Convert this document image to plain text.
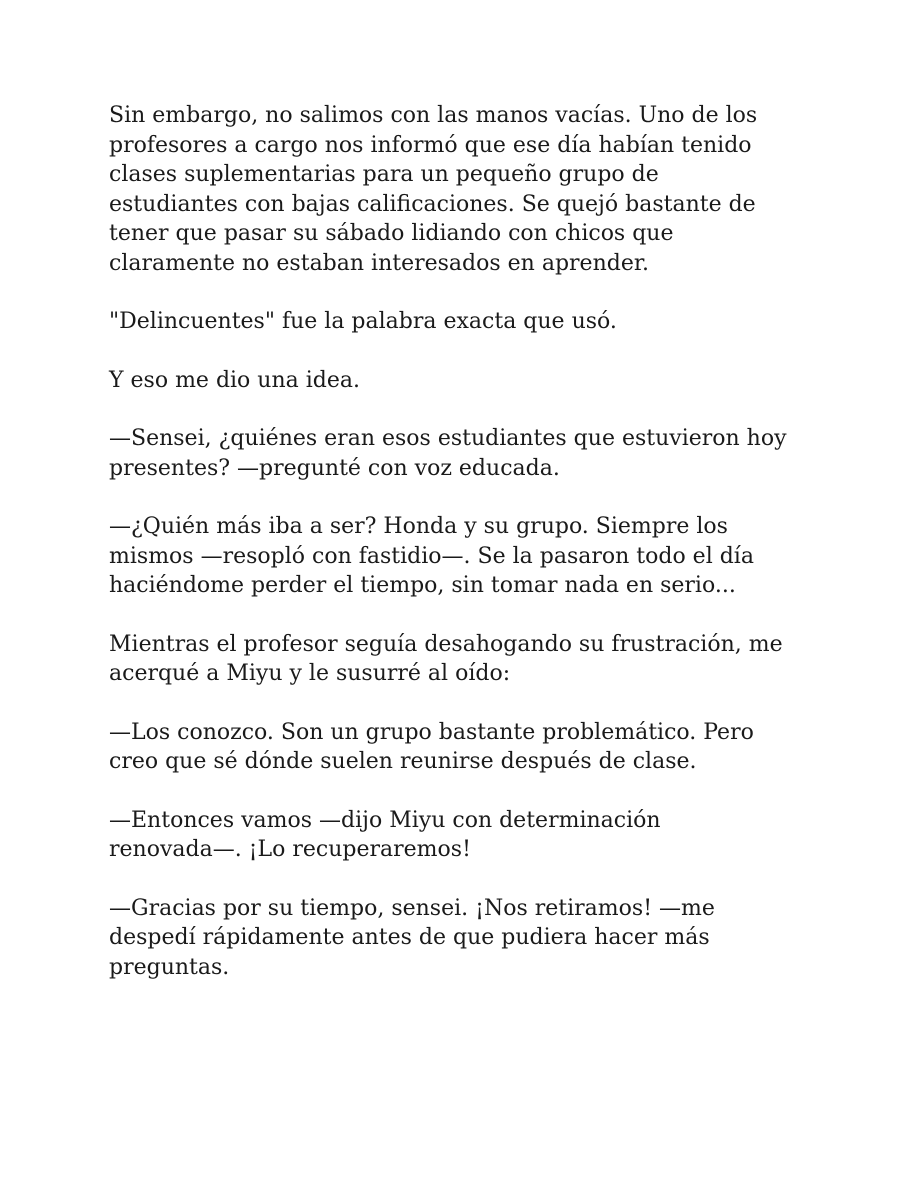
Sin embargo, no salimos con las manos vacías. Uno de los
profesores a cargo nos informó que ese día habían tenido
clases suplementarias para un pequeño grupo de
estudiantes con bajas calificaciones. Se quejó bastante de
tener que pasar su sábado lidiando con chicos que
claramente no estaban interesados en aprender.

"Delincuentes" fue la palabra exacta que usó.

Y eso me dio una idea.

—Sensei, ¿quiénes eran esos estudiantes que estuvieron hoy
presentes? —pregunté con voz educada.

—¿Quién más iba a ser? Honda y su grupo. Siempre los
mismos —resopló con fastidio—. Se la pasaron todo el día
haciéndome perder el tiempo, sin tomar nada en serio...

Mientras el profesor seguía desahogando su frustración, me
acerqué a Miyu y le susurré al oído:

—Los conozco. Son un grupo bastante problemático. Pero
creo que sé dónde suelen reunirse después de clase.

—Entonces vamos —dijo Miyu con determinación
renovada—. ¡Lo recuperaremos!

—Gracias por su tiempo, sensei. ¡Nos retiramos! —me
despedí rápidamente antes de que pudiera hacer más
preguntas.
